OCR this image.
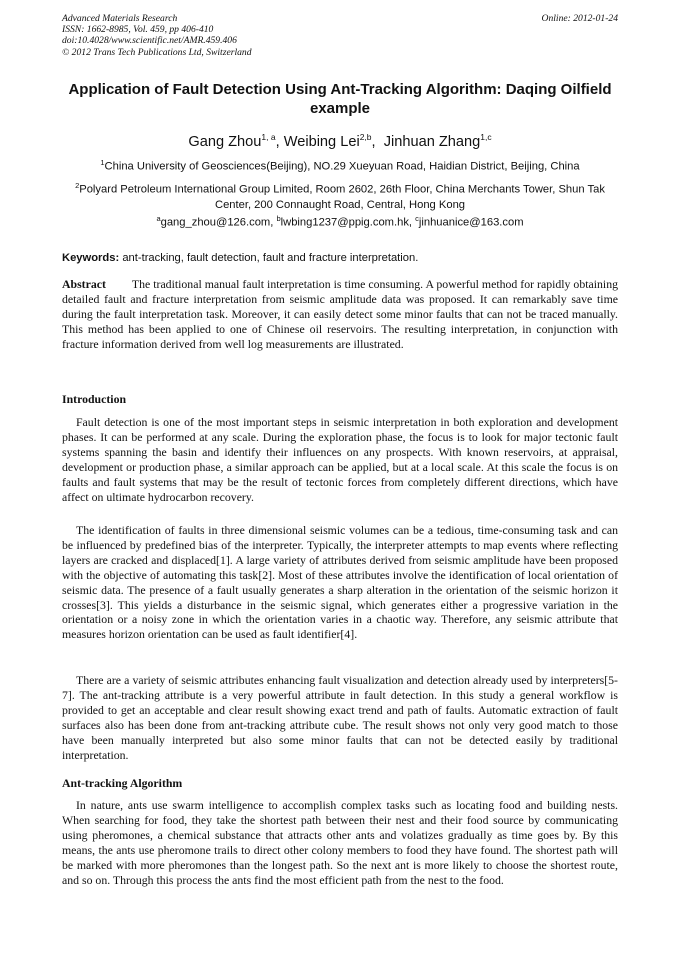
Advanced Materials Research
ISSN: 1662-8985, Vol. 459, pp 406-410
doi:10.4028/www.scientific.net/AMR.459.406
© 2012 Trans Tech Publications Ltd, Switzerland
Online: 2012-01-24
Application of Fault Detection Using Ant-Tracking Algorithm: Daqing Oilfield example
Gang Zhou$^{1, a}$, Weibing Lei$^{2,b}$,  Jinhuan Zhang$^{1,c}$
$^1$China University of Geosciences(Beijing), NO.29 Xueyuan Road, Haidian District, Beijing, China
$^2$Polyard Petroleum International Group Limited, Room 2602, 26th Floor, China Merchants Tower, Shun Tak Center, 200 Connaught Road, Central, Hong Kong
$^a$gang_zhou@126.com, $^b$lwbing1237@ppig.com.hk, $^c$jinhuanice@163.com
Keywords: ant-tracking, fault detection, fault and fracture interpretation.
Abstract The traditional manual fault interpretation is time consuming. A powerful method for rapidly obtaining detailed fault and fracture interpretation from seismic amplitude data was proposed. It can remarkably save time during the fault interpretation task. Moreover, it can easily detect some minor faults that can not be traced manually. This method has been applied to one of Chinese oil reservoirs. The resulting interpretation, in conjunction with fracture information derived from well log measurements are illustrated.
Introduction
Fault detection is one of the most important steps in seismic interpretation in both exploration and development phases. It can be performed at any scale. During the exploration phase, the focus is to look for major tectonic fault systems spanning the basin and identify their influences on any prospects. With known reservoirs, at appraisal, development or production phase, a similar approach can be applied, but at a local scale. At this scale the focus is on faults and fault systems that may be the result of tectonic forces from completely different directions, which have affect on ultimate hydrocarbon recovery.
The identification of faults in three dimensional seismic volumes can be a tedious, time-consuming task and can be influenced by predefined bias of the interpreter. Typically, the interpreter attempts to map events where reflecting layers are cracked and displaced[1]. A large variety of attributes derived from seismic amplitude have been proposed with the objective of automating this task[2]. Most of these attributes involve the identification of local orientation of seismic data. The presence of a fault usually generates a sharp alteration in the orientation of the seismic horizon it crosses[3]. This yields a disturbance in the seismic signal, which generates either a progressive variation in the orientation or a noisy zone in which the orientation varies in a chaotic way. Therefore, any seismic attribute that measures horizon orientation can be used as fault identifier[4].
There are a variety of seismic attributes enhancing fault visualization and detection already used by interpreters[5-7]. The ant-tracking attribute is a very powerful attribute in fault detection. In this study a general workflow is provided to get an acceptable and clear result showing exact trend and path of faults. Automatic extraction of fault surfaces also has been done from ant-tracking attribute cube. The result shows not only very good match to those have been manually interpreted but also some minor faults that can not be detected easily by traditional interpretation.
Ant-tracking Algorithm
In nature, ants use swarm intelligence to accomplish complex tasks such as locating food and building nests. When searching for food, they take the shortest path between their nest and their food source by communicating using pheromones, a chemical substance that attracts other ants and volatizes gradually as time goes by. By this means, the ants use pheromone trails to direct other colony members to food they have found. The shortest path will be marked with more pheromones than the longest path. So the next ant is more likely to choose the shortest route, and so on. Through this process the ants find the most efficient path from the nest to the food.
